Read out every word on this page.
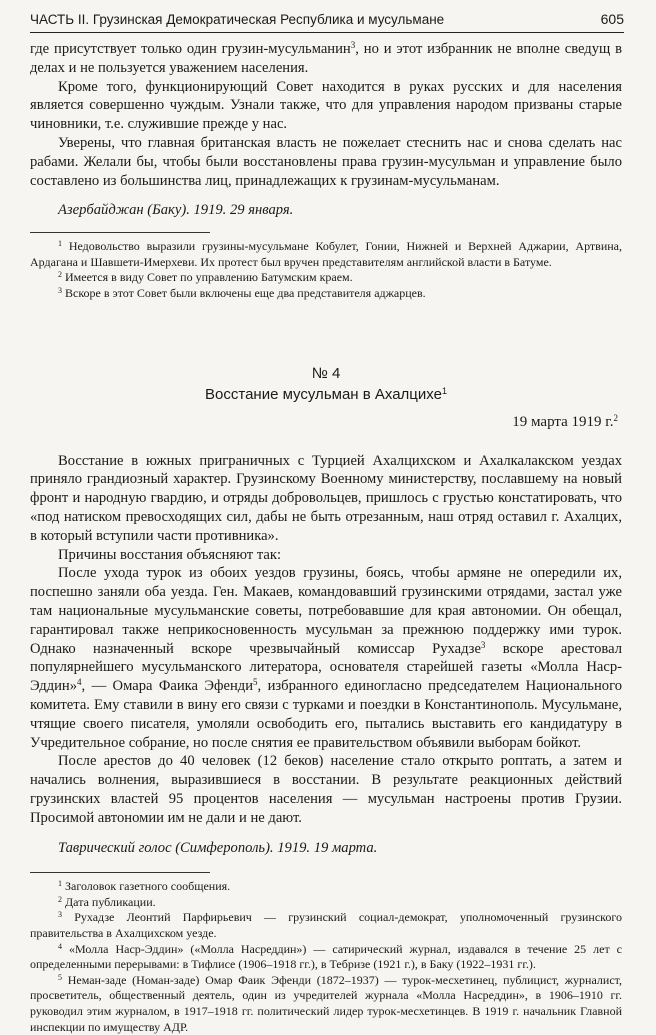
ЧАСТЬ II. Грузинская Демократическая Республика и мусульмане	605

где присутствует только один грузин-мусульманин$^3$, но и этот избранник не вполне сведущ в делах и не пользуется уважением населения.

Кроме того, функционирующий Совет находится в руках русских и для населения является совершенно чуждым. Узнали также, что для управления народом призваны старые чиновники, т.е. служившие прежде у нас.

Уверены, что главная британская власть не пожелает стеснить нас и снова сделать нас рабами. Желали бы, чтобы были восстановлены права грузин-мусульман и управление было составлено из большинства лиц, принадлежащих к грузинам-мусульманам.

Азербайджан (Баку). 1919. 29 января.
$^1$ Недовольство выразили грузины-мусульмане Кобулет, Гонии, Нижней и Верхней Аджарии, Артвина, Ардагана и Шавшети-Имерхеви. Их протест был вручен представителям английской власти в Батуме.
$^2$ Имеется в виду Совет по управлению Батумским краем.
$^3$ Вскоре в этот Совет были включены еще два представителя аджарцев.
№ 4
Восстание мусульман в Ахалцихе$^1$
19 марта 1919 г.$^2$

Восстание в южных приграничных с Турцией Ахалцихском и Ахалкалакском уездах приняло грандиозный характер. Грузинскому Военному министерству, пославшему на новый фронт и народную гвардию, и отряды добровольцев, пришлось с грустью констатировать, что «под натиском превосходящих сил, дабы не быть отрезанным, наш отряд оставил г. Ахалцих, в который вступили части противника».

Причины восстания объясняют так:

После ухода турок из обоих уездов грузины, боясь, чтобы армяне не опередили их, поспешно заняли оба уезда. Ген. Макаев, командовавший грузинскими отрядами, застал уже там национальные мусульманские советы, потребовавшие для края автономии. Он обещал, гарантировал также неприкосновенность мусульман за прежнюю поддержку ими турок. Однако назначенный вскоре чрезвычайный комиссар Рухадзе$^3$ вскоре арестовал популярнейшего мусульманского литератора, основателя старейшей газеты «Молла Наср-Эддин»$^4$, — Омара Фаика Эфенди$^5$, избранного единогласно председателем Национального комитета. Ему ставили в вину его связи с турками и поездки в Константинополь. Мусульмане, чтящие своего писателя, умоляли освободить его, пытались выставить его кандидатуру в Учредительное собрание, но после снятия ее правительством объявили выборам бойкот.

После арестов до 40 человек (12 беков) население стало открыто роптать, а затем и начались волнения, выразившиеся в восстании. В результате реакционных действий грузинских властей 95 процентов населения — мусульман настроены против Грузии. Просимой автономии им не дали и не дают.

Таврический голос (Симферополь). 1919. 19 марта.
$^1$ Заголовок газетного сообщения.
$^2$ Дата публикации.
$^3$ Рухадзе Леонтий Парфирьевич — грузинский социал-демократ, уполномоченный грузинского правительства в Ахалцихском уезде.
$^4$ «Молла Наср-Эддин» («Молла Насреддин») — сатирический журнал, издавался в течение 25 лет с определенными перерывами: в Тифлисе (1906–1918 гг.), в Тебризе (1921 г.), в Баку (1922–1931 гг.).
$^5$ Неман-заде (Номан-заде) Омар Фаик Эфенди (1872–1937) — турок-месхетинец, публицист, журналист, просветитель, общественный деятель, один из учредителей журнала «Молла Насреддин», в 1906–1910 гг. руководил этим журналом, в 1917–1918 гг. политический лидер турок-месхетинцев. В 1919 г. начальник Главной инспекции по имуществу АДР.
